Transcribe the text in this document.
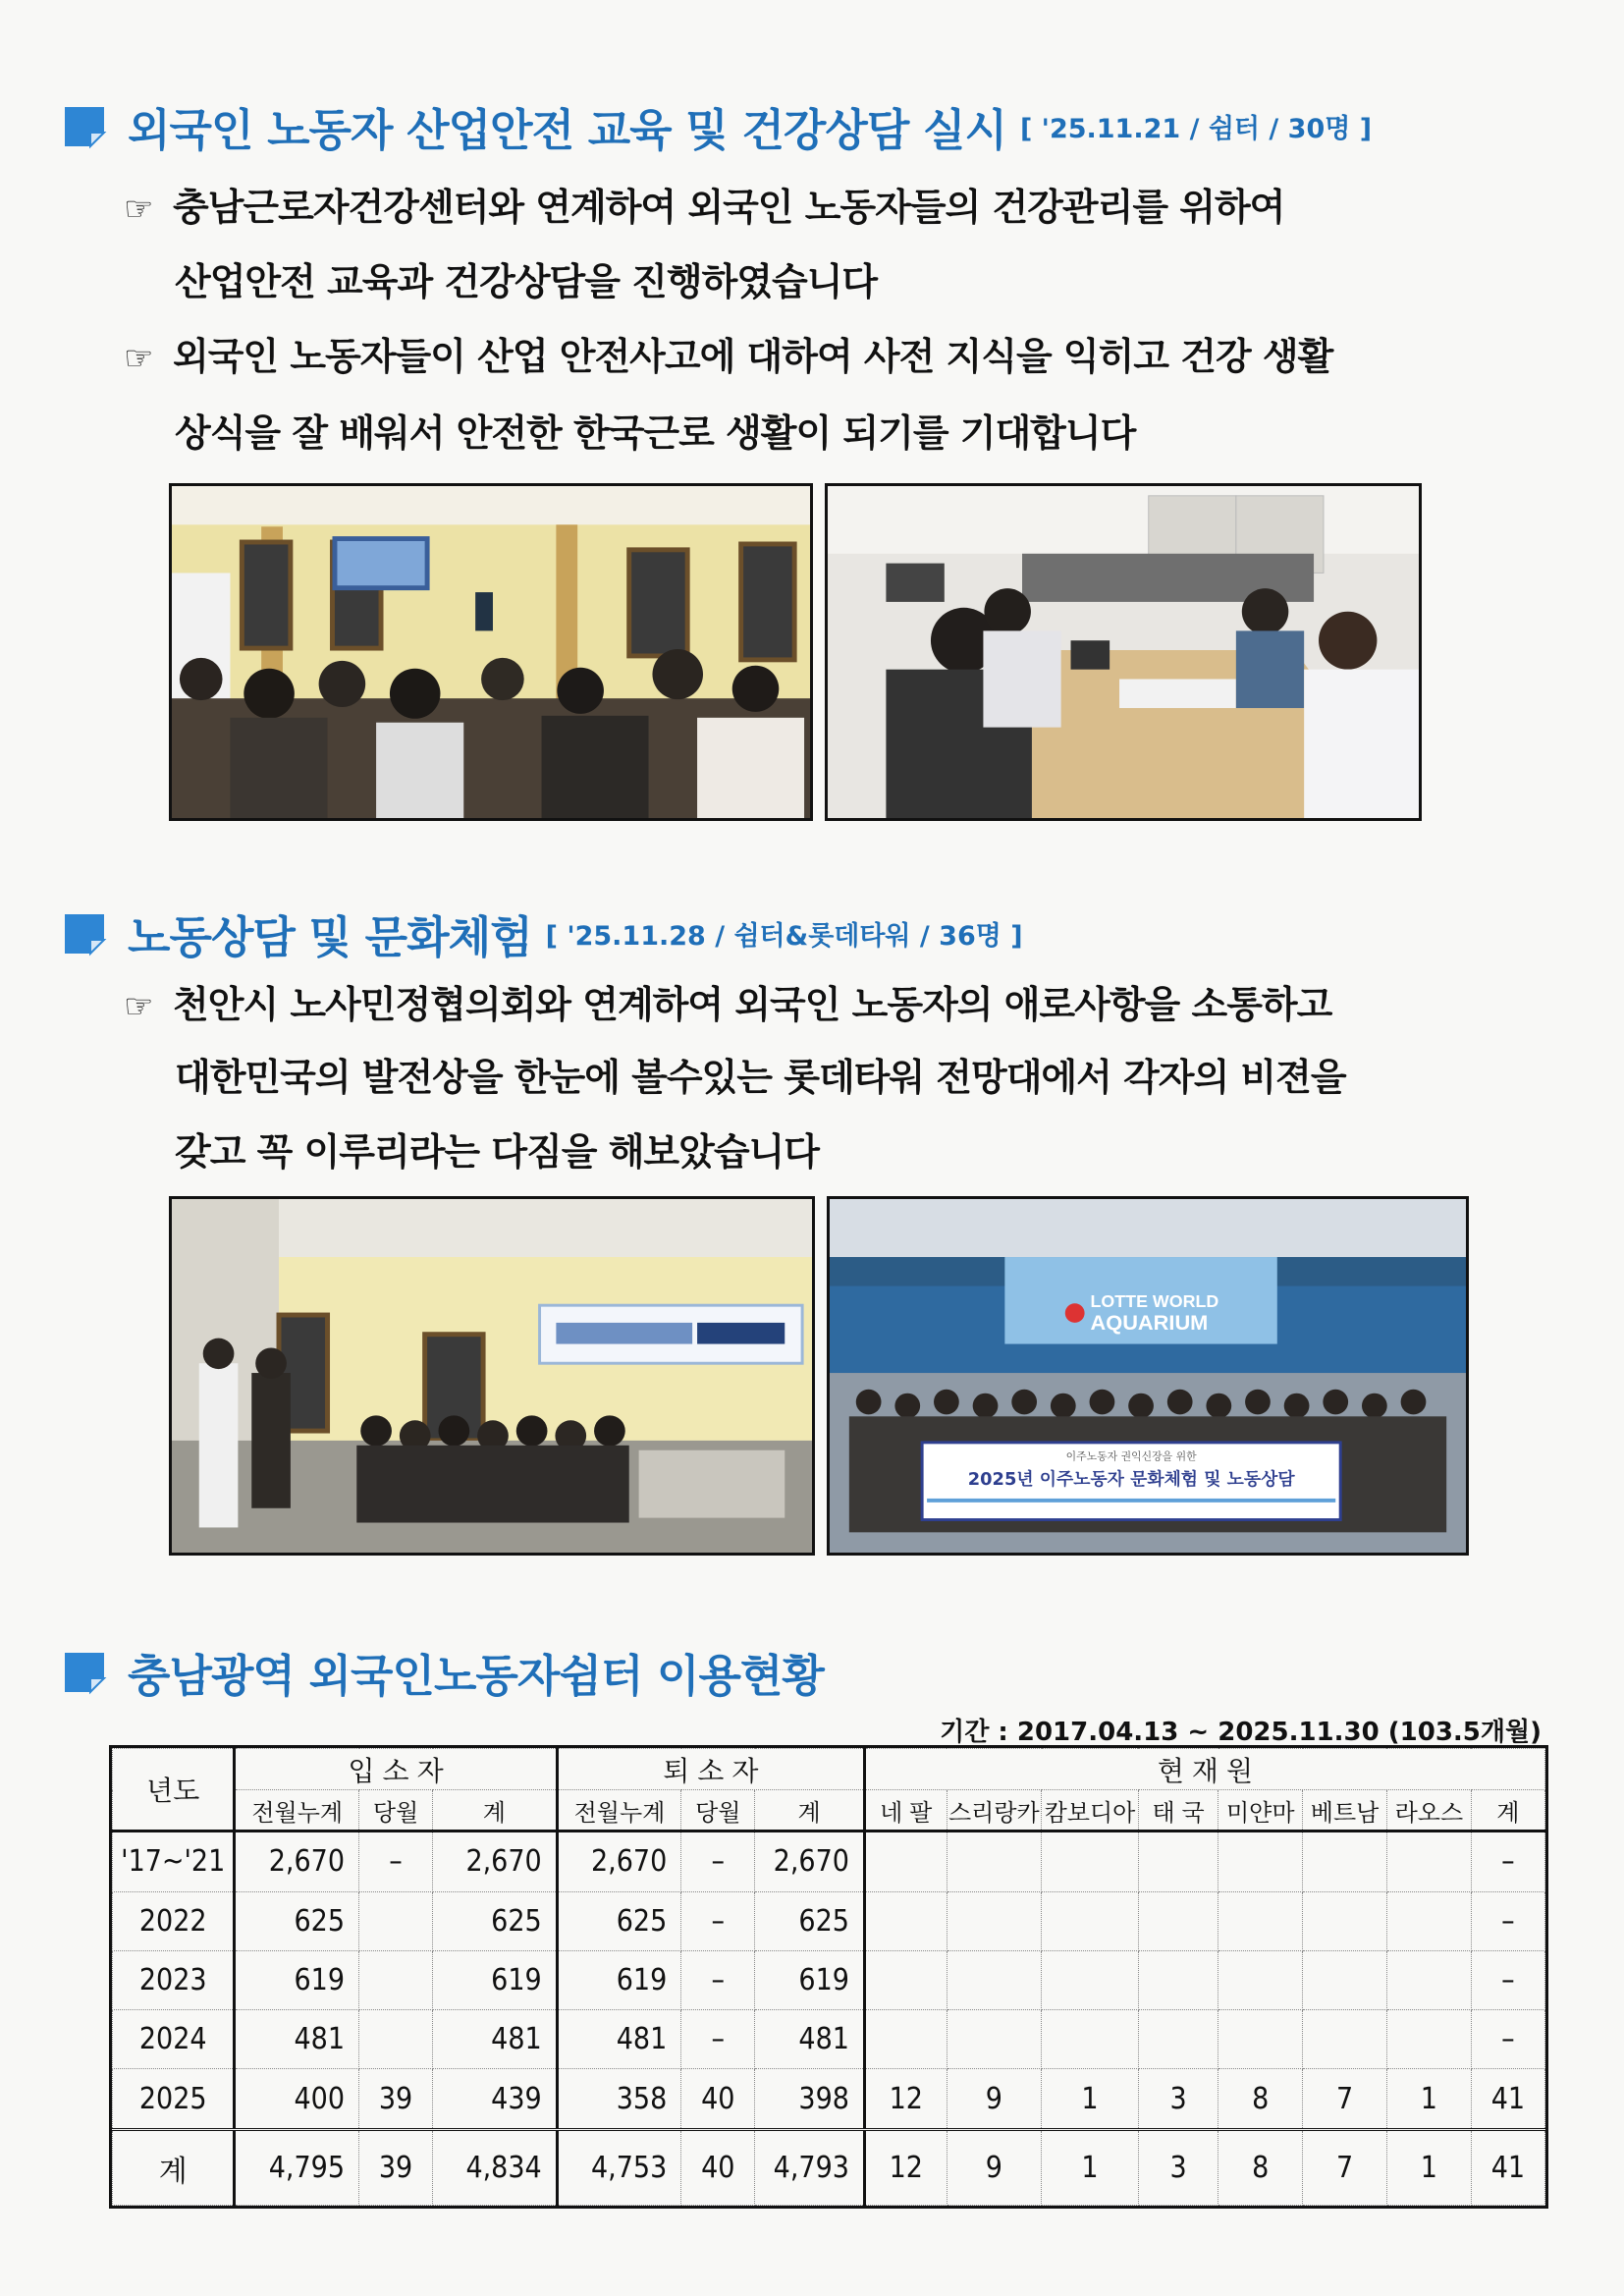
외국인 노동자 산업안전 교육 및 건강상담 실시 [ '25.11.21 / 쉼터 / 30명 ]
☞ 충남근로자건강센터와 연계하여 외국인 노동자들의 건강관리를 위하여
산업안전 교육과 건강상담을 진행하였습니다
☞ 외국인 노동자들이 산업 안전사고에 대하여 사전 지식을 익히고 건강 생활
상식을 잘 배워서 안전한 한국근로 생활이 되기를 기대합니다
노동상담 및 문화체험 [ '25.11.28 / 쉼터&롯데타워 / 36명 ]
☞ 천안시 노사민정협의회와 연계하여 외국인 노동자의 애로사항을 소통하고
대한민국의 발전상을 한눈에 볼수있는 롯데타워 전망대에서 각자의 비젼을
갖고 꼭 이루리라는 다짐을 해보았습니다
LOTTE WORLD
AQUARIUM
이주노동자 권익신장을 위한
2025년 이주노동자 문화체험 및 노동상담
충남광역 외국인노동자쉼터 이용현황
기간 : 2017.04.13 ~ 2025.11.30 (103.5개월)
년도	입 소 자			퇴 소 자			현 재 원							
	전월누계	당월	계	전월누계	당월	계	네 팔	스리랑카	캄보디아	태 국	미얀마	베트남	라오스	계
'17~'21	2,670	–	2,670	2,670	–	2,670								–
2022	625		625	625	–	625								–
2023	619		619	619	–	619								–
2024	481		481	481	–	481								–
2025	400	39	439	358	40	398	12	9	1	3	8	7	1	41
계	4,795	39	4,834	4,753	40	4,793	12	9	1	3	8	7	1	41
